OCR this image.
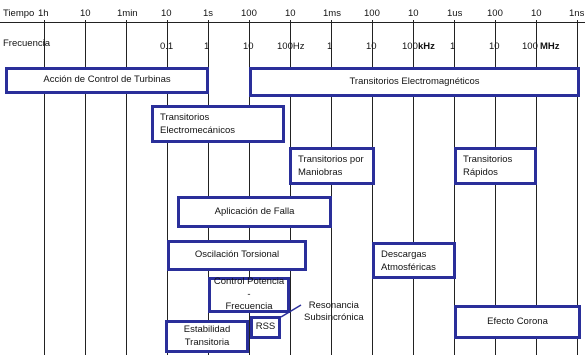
Tiempo 1h	10	1min 10	1s	100	10	1ms 100	10	1us	100	10	1ns
Frecuencia	0.1	1	10 100Hz 1	10	100 kHz 1	10 100 MHz
Acción de Control de Turbinas	Transitorios Electromagnéticos
Transitorios
Electromecánicos
Transitorios por
Maniobras
Transitorios
Rápidos
Aplicación de Falla
Oscilación Torsional	Descargas
Atmosféricas
Control Potencia -
Frecuencia
Efecto Corona
Estabilidad
Transitoria
RSS
Resonancia
Subsincrónica
